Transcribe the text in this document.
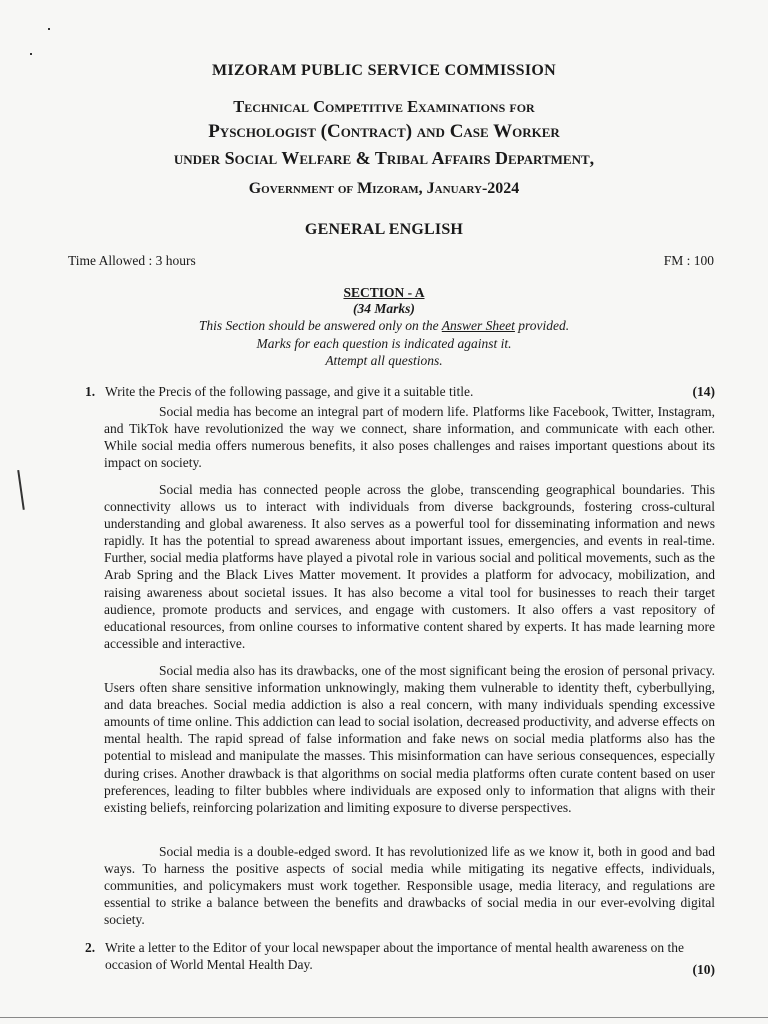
MIZORAM PUBLIC SERVICE COMMISSION
Technical Competitive Examinations for
Pyschologist (Contract) and Case Worker
under Social Welfare & Tribal Affairs Department,
Government of Mizoram, January-2024
GENERAL ENGLISH
Time Allowed : 3 hours	FM : 100
SECTION - A
(34 Marks)
This Section should be answered only on the Answer Sheet provided.
Marks for each question is indicated against it.
Attempt all questions.
1. Write the Precis of the following passage, and give it a suitable title.	(14)

Social media has become an integral part of modern life. Platforms like Facebook, Twitter, Instagram, and TikTok have revolutionized the way we connect, share information, and communicate with each other. While social media offers numerous benefits, it also poses challenges and raises important questions about its impact on society.

Social media has connected people across the globe, transcending geographical boundaries. This connectivity allows us to interact with individuals from diverse backgrounds, fostering cross-cultural understanding and global awareness. It also serves as a powerful tool for disseminating information and news rapidly. It has the potential to spread awareness about important issues, emergencies, and events in real-time. Further, social media platforms have played a pivotal role in various social and political movements, such as the Arab Spring and the Black Lives Matter movement. It provides a platform for advocacy, mobilization, and raising awareness about societal issues. It has also become a vital tool for businesses to reach their target audience, promote products and services, and engage with customers. It also offers a vast repository of educational resources, from online courses to informative content shared by experts. It has made learning more accessible and interactive.

Social media also has its drawbacks, one of the most significant being the erosion of personal privacy. Users often share sensitive information unknowingly, making them vulnerable to identity theft, cyberbullying, and data breaches. Social media addiction is also a real concern, with many individuals spending excessive amounts of time online. This addiction can lead to social isolation, decreased productivity, and adverse effects on mental health. The rapid spread of false information and fake news on social media platforms also has the potential to mislead and manipulate the masses. This misinformation can have serious consequences, especially during crises. Another drawback is that algorithms on social media platforms often curate content based on user preferences, leading to filter bubbles where individuals are exposed only to information that aligns with their existing beliefs, reinforcing polarization and limiting exposure to diverse perspectives.

Social media is a double-edged sword. It has revolutionized life as we know it, both in good and bad ways. To harness the positive aspects of social media while mitigating its negative effects, individuals, communities, and policymakers must work together. Responsible usage, media literacy, and regulations are essential to strike a balance between the benefits and drawbacks of social media in our ever-evolving digital society.

2. Write a letter to the Editor of your local newspaper about the importance of mental health awareness on the occasion of World Mental Health Day.	(10)
